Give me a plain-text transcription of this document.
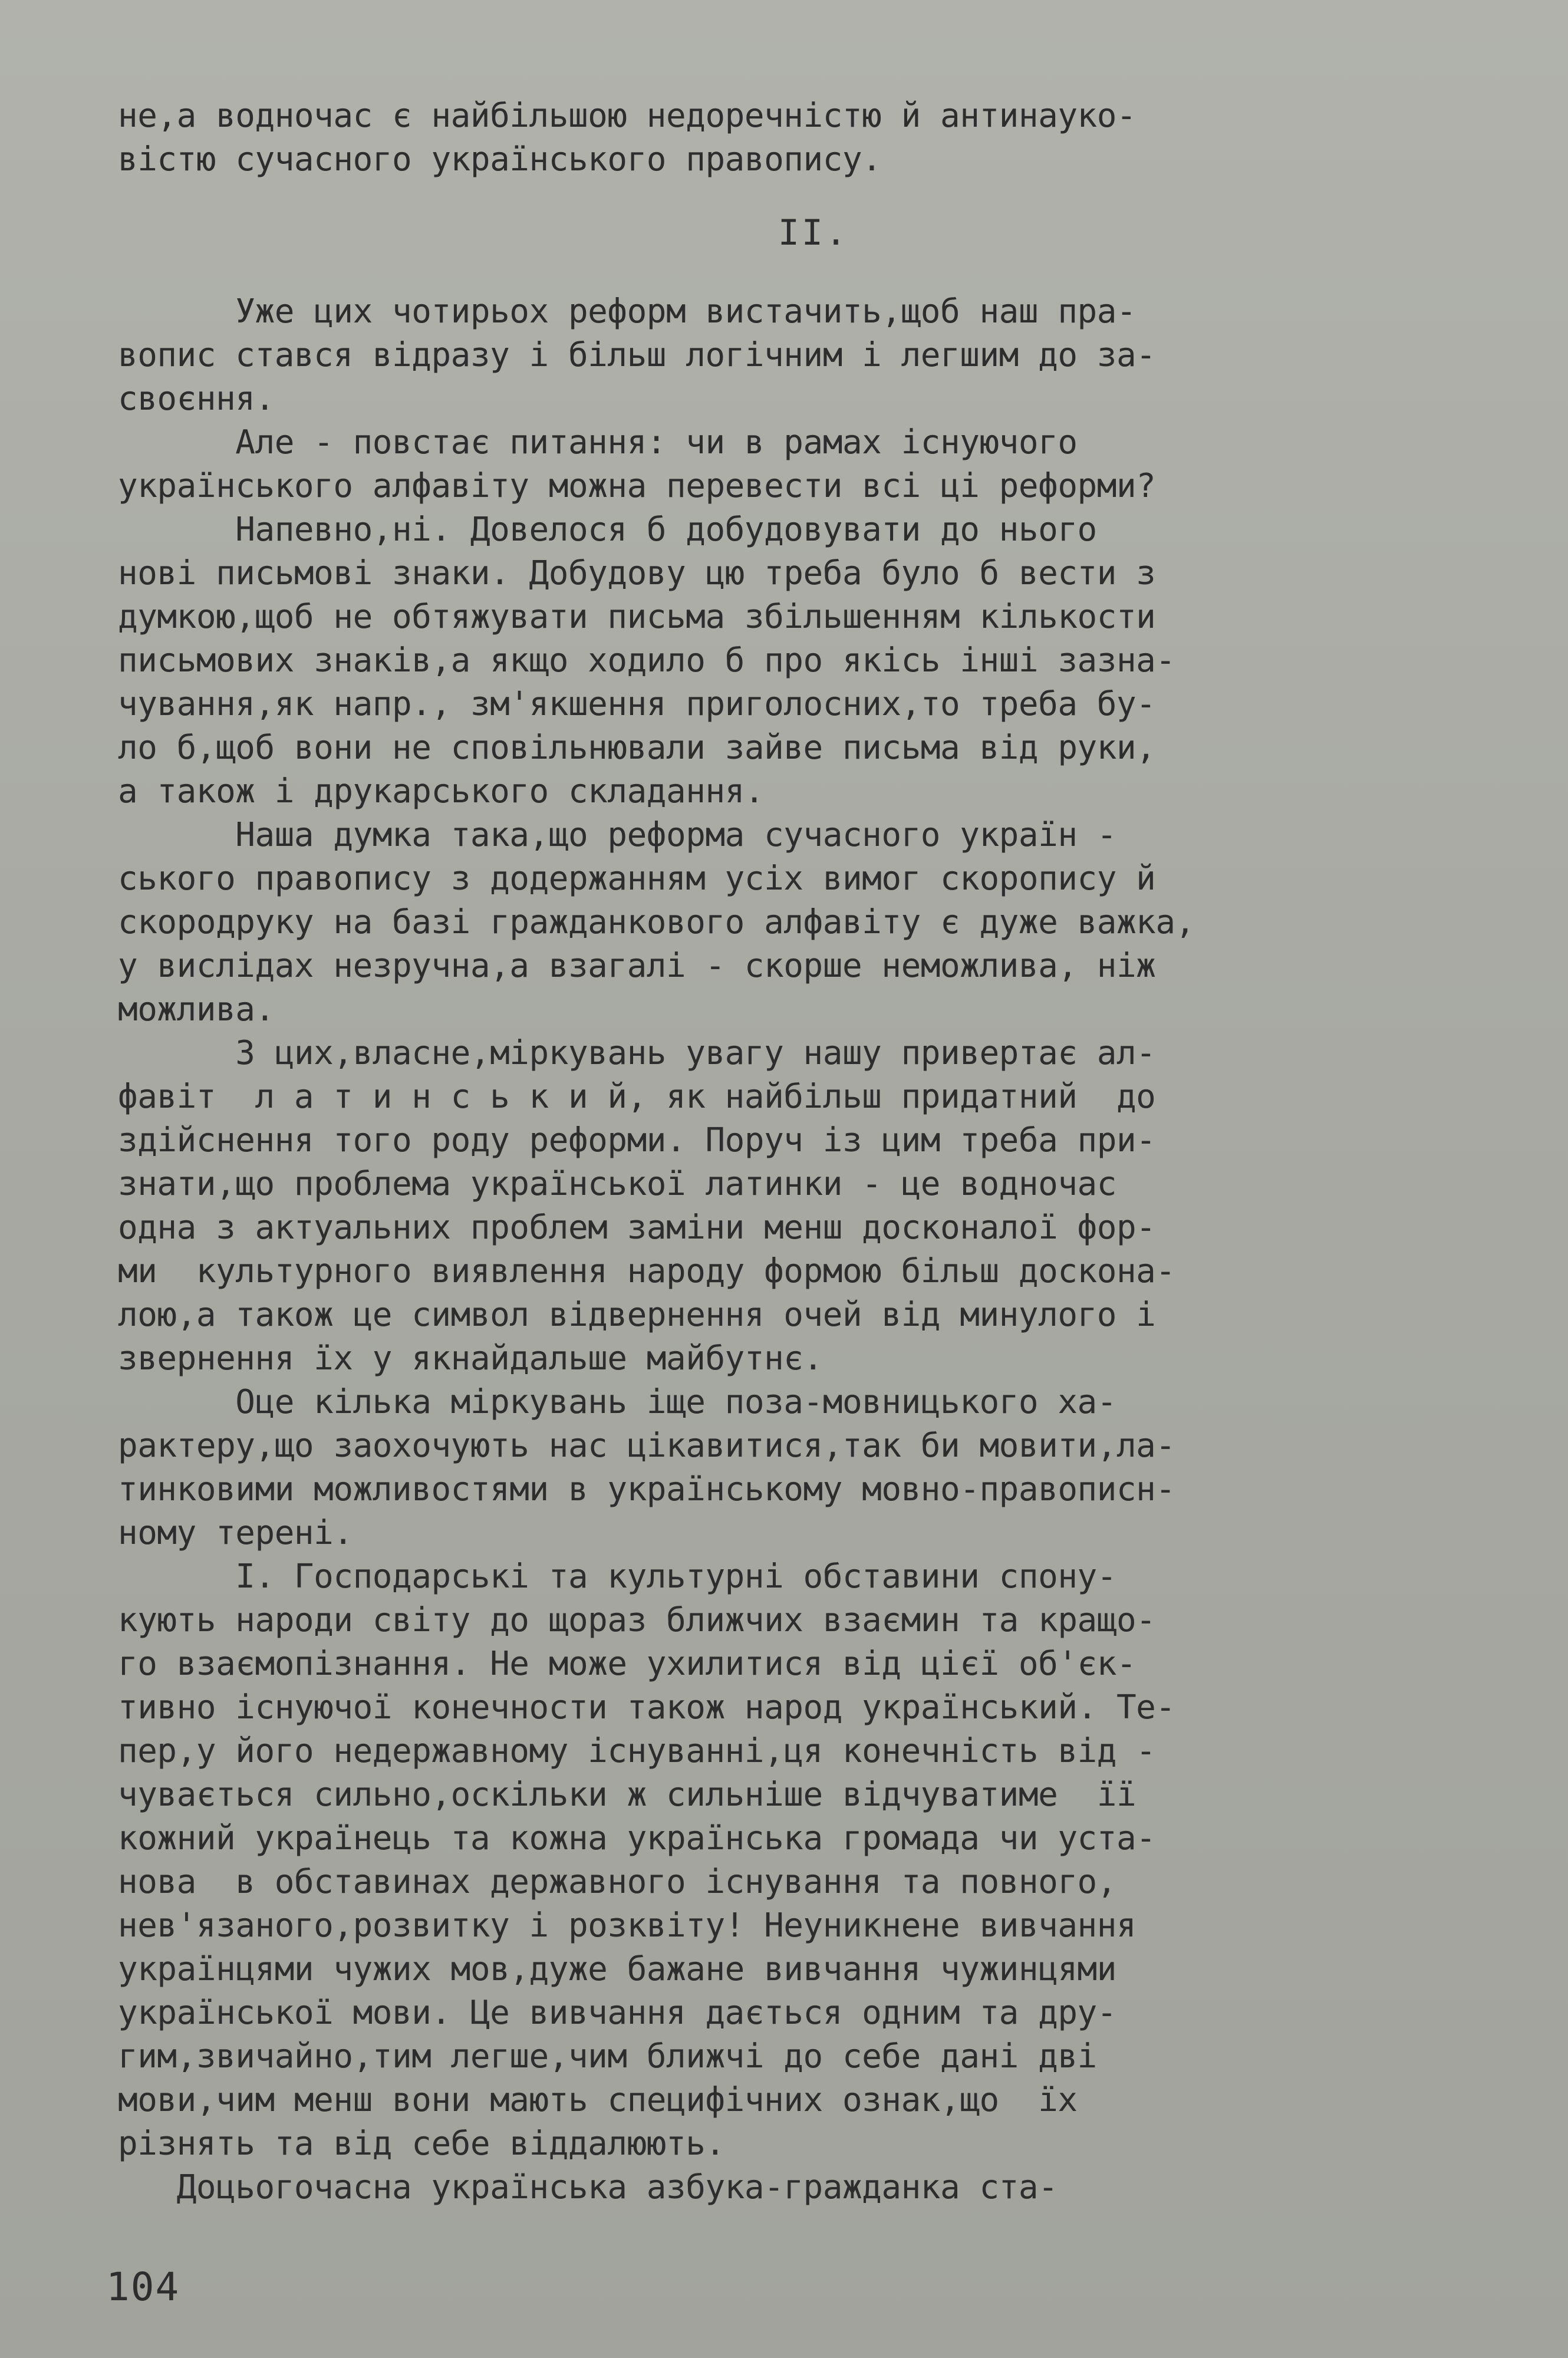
не,а водночас є найбільшою недоречністю й антинауко-
вістю сучасного українського правопису.
II.
Уже цих чотирьох реформ вистачить,щоб наш пра-
вопис стався відразу і більш логічним і легшим до за-
своєння.
Але - повстає питання: чи в рамах існуючого
українського алфавіту можна перевести всі ці реформи?
Напевно,ні. Довелося б добудовувати до нього
нові письмові знаки. Добудову цю треба було б вести з
думкою,щоб не обтяжувати письма збільшенням кількости
письмових знаків,а якщо ходило б про якісь інші зазна-
чування,як напр., зм'якшення приголосних,то треба бу-
ло б,щоб вони не сповільнювали зайве письма від руки,
а також і друкарського складання.
Наша думка така,що реформа сучасного україн -
ського правопису з додержанням усіх вимог скоропису й
скородруку на базі гражданкового алфавіту є дуже важка,
у вислідах незручна,а взагалі - скорше неможлива, ніж
можлива.
З цих,власне,міркувань увагу нашу привертає ал-
фавіт  л а т и н с ь к и й, як найбільш придатний  до
здійснення того роду реформи. Поруч із цим треба при-
знати,що проблема української латинки - це водночас
одна з актуальних проблем заміни менш досконалої фор-
ми  культурного виявлення народу формою більш доскона-
лою,а також це символ відвернення очей від минулого і
звернення їх у якнайдальше майбутнє.
Оце кілька міркувань іще поза-мовницького ха-
рактеру,що заохочують нас цікавитися,так би мовити,ла-
тинковими можливостями в українському мовно-правописн-
ному терені.
І. Господарські та культурні обставини спону-
кують народи світу до щораз ближчих взаємин та кращо-
го взаємопізнання. Не може ухилитися від цієї об'єк-
тивно існуючої конечности також народ український. Те-
пер,у його недержавному існуванні,ця конечність від -
чувається сильно,оскільки ж сильніше відчуватиме  її
кожний українець та кожна українська громада чи уста-
нова  в обставинах державного існування та повного,
нев'язаного,розвитку і розквіту! Неуникнене вивчання
українцями чужих мов,дуже бажане вивчання чужинцями
української мови. Це вивчання дається одним та дру-
гим,звичайно,тим легше,чим ближчі до себе дані дві
мови,чим менш вони мають специфічних ознак,що  їх
різнять та від себе віддалюють.
Доцьогочасна українська азбука-гражданка ста-
104
